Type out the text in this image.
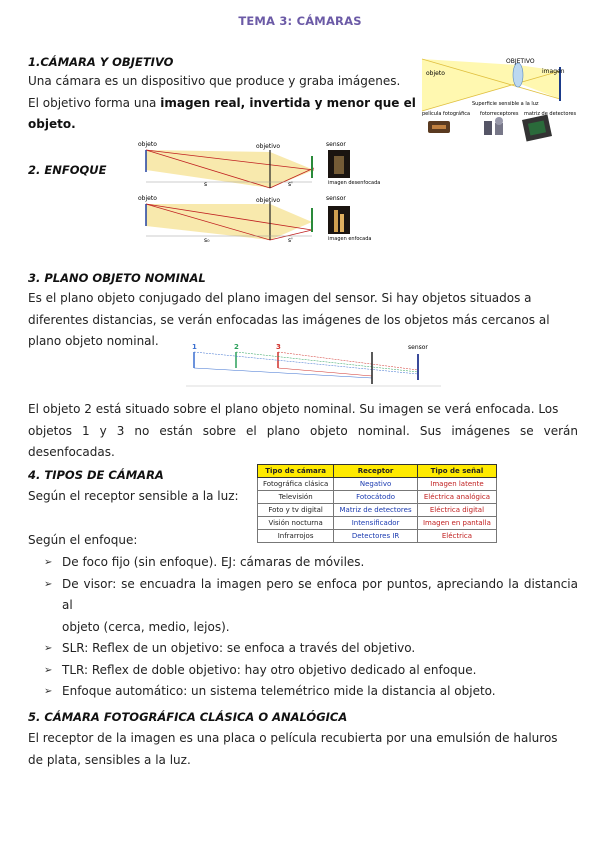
TEMA 3: CÁMARAS
1.CÁMARA Y OBJETIVO
Una cámara es un dispositivo que produce y graba imágenes.
El objetivo forma una imagen real, invertida y menor que el
objeto.
objeto
OBJETIVO
imagen
Superficie sensible a la luz
película fotográfica fotorreceptores matriz de detectores
2. ENFOQUE
objeto	objetivo	sensor
s	s'	imagen desenfocada
objeto	objetivo	sensor
s₀	s'	imagen enfocada
3. PLANO OBJETO NOMINAL
Es el plano objeto conjugado del plano imagen del sensor. Si hay objetos situados a
diferentes distancias, se verán enfocadas las imágenes de los objetos más cercanos al
plano objeto nominal.	1	2	3	sensor
El objeto 2 está situado sobre el plano objeto nominal. Su imagen se verá enfocada. Los
objetos 1 y 3 no están sobre el plano objeto nominal. Sus imágenes se verán desenfocadas.
4. TIPOS DE CÁMARA
Según el receptor sensible a la luz:
Tipo de cámara	Receptor	Tipo de señal
Fotográfica clásica	Negativo	Imagen latente
Televisión	Fotocátodo	Eléctrica analógica
Foto y tv digital	Matriz de detectores	Eléctrica digital
Visión nocturna	Intensificador	Imagen en pantalla
Infrarrojos	Detectores IR	Eléctrica
Según el enfoque:
➢ De foco fijo (sin enfoque). EJ: cámaras de móviles.
➢ De visor: se encuadra la imagen pero se enfoca por puntos, apreciando la distancia al
objeto (cerca, medio, lejos).
➢ SLR: Reflex de un objetivo: se enfoca a través del objetivo.
➢ TLR: Reflex de doble objetivo: hay otro objetivo dedicado al enfoque.
➢ Enfoque automático: un sistema telemétrico mide la distancia al objeto.
5. CÁMARA FOTOGRÁFICA CLÁSICA O ANALÓGICA
El receptor de la imagen es una placa o película recubierta por una emulsión de haluros
de plata, sensibles a la luz.
